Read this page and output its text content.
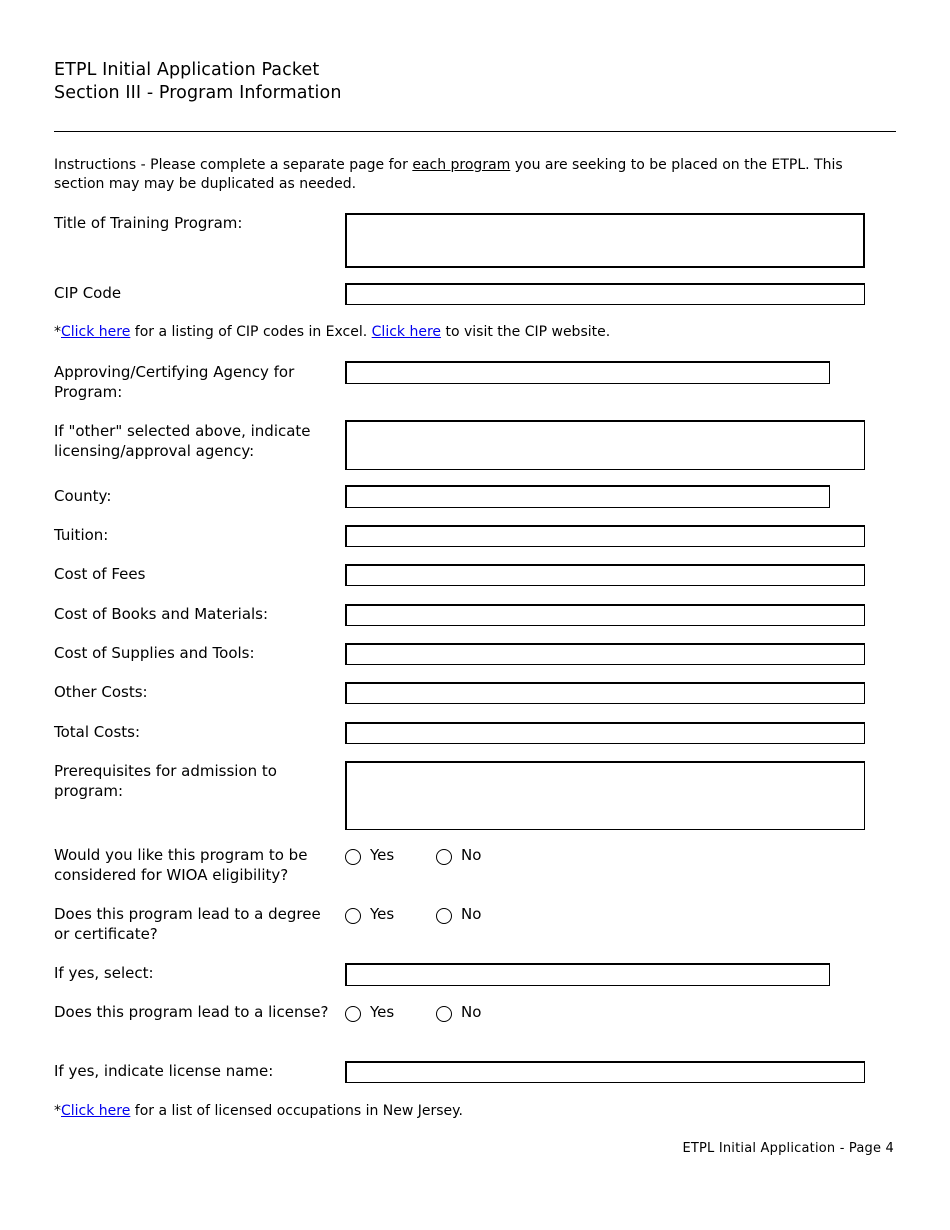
ETPL Initial Application Packet
Section III - Program Information
Instructions - Please complete a separate page for each program you are seeking to be placed on the ETPL. This section may may be duplicated as needed.
Title of Training Program:
CIP Code
*Click here for a listing of CIP codes in Excel. Click here to visit the CIP website.
Approving/Certifying Agency for Program:
If "other" selected above, indicate licensing/approval agency:
County:
Tuition:
Cost of Fees
Cost of Books and Materials:
Cost of Supplies and Tools:
Other Costs:
Total Costs:
Prerequisites for admission to program:
Would you like this program to be considered for WIOA eligibility?
Yes	No
Does this program lead to a degree or certificate?
Yes	No
If yes, select:
Does this program lead to a license?	Yes	No
If yes, indicate license name:
*Click here for a list of licensed occupations in New Jersey.
ETPL Initial Application - Page 4
